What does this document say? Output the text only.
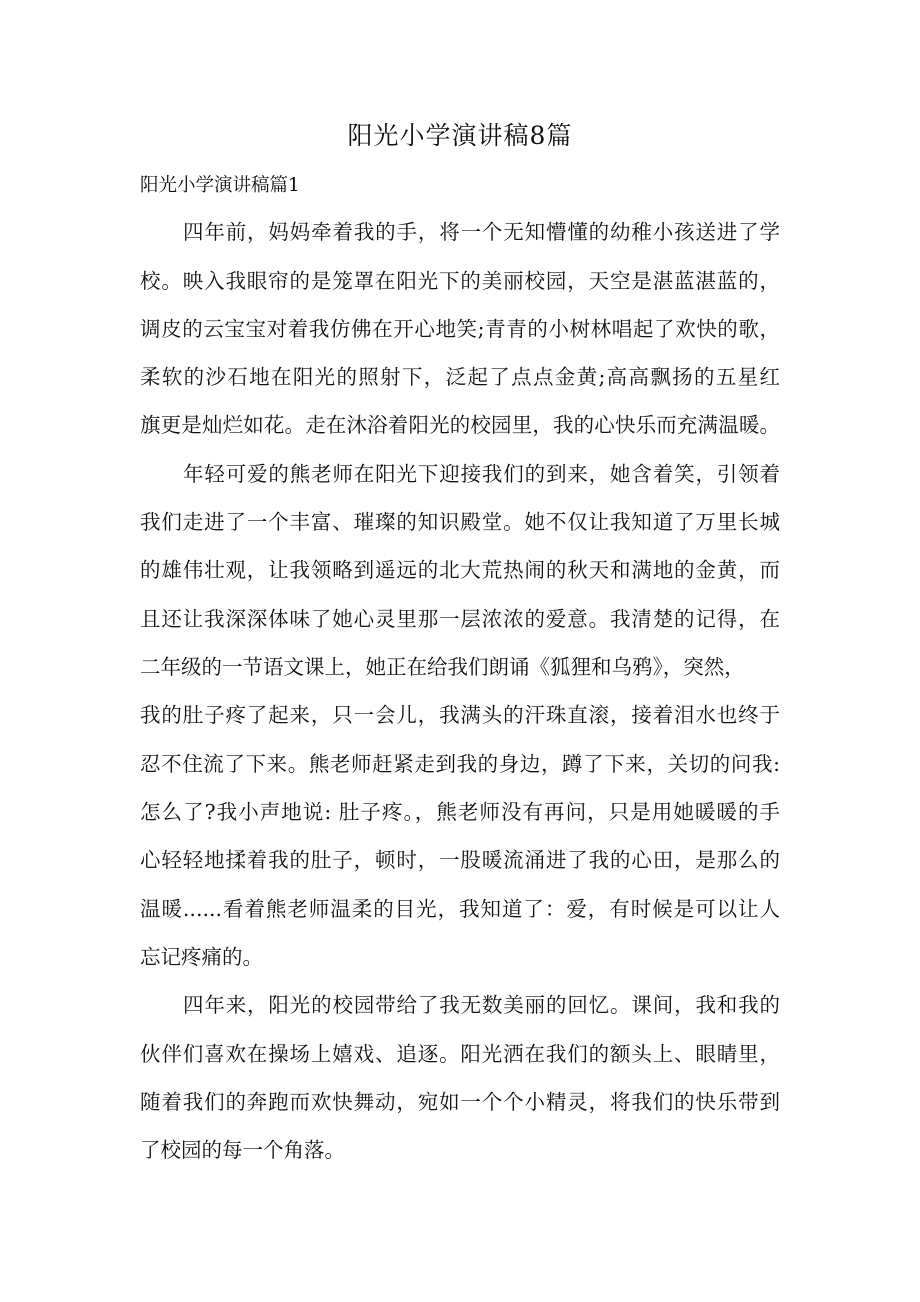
阳光小学演讲稿8篇
阳光小学演讲稿篇1
四年前，妈妈牵着我的手，将一个无知懵懂的幼稚小孩送进了学
校。映入我眼帘的是笼罩在阳光下的美丽校园，天空是湛蓝湛蓝的，
调皮的云宝宝对着我仿佛在开心地笑;青青的小树林唱起了欢快的歌，
柔软的沙石地在阳光的照射下，泛起了点点金黄;高高飘扬的五星红
旗更是灿烂如花。走在沐浴着阳光的校园里，我的心快乐而充满温暖。
年轻可爱的熊老师在阳光下迎接我们的到来，她含着笑，引领着
我们走进了一个丰富、璀璨的知识殿堂。她不仅让我知道了万里长城
的雄伟壮观，让我领略到遥远的北大荒热闹的秋天和满地的金黄，而
且还让我深深体味了她心灵里那一层浓浓的爱意。我清楚的记得，在
二年级的一节语文课上，她正在给我们朗诵《狐狸和乌鸦》，突然，
我的肚子疼了起来，只一会儿，我满头的汗珠直滚，接着泪水也终于
忍不住流了下来。熊老师赶紧走到我的身边，蹲了下来，关切的问我:
怎么了?我小声地说: 肚子疼。，熊老师没有再问，只是用她暖暖的手
心轻轻地揉着我的肚子，顿时，一股暖流涌进了我的心田，是那么的
温暖......看着熊老师温柔的目光，我知道了：爱，有时候是可以让人
忘记疼痛的。
四年来，阳光的校园带给了我无数美丽的回忆。课间，我和我的
伙伴们喜欢在操场上嬉戏、追逐。阳光洒在我们的额头上、眼睛里，
随着我们的奔跑而欢快舞动，宛如一个个小精灵，将我们的快乐带到
了校园的每一个角落。
